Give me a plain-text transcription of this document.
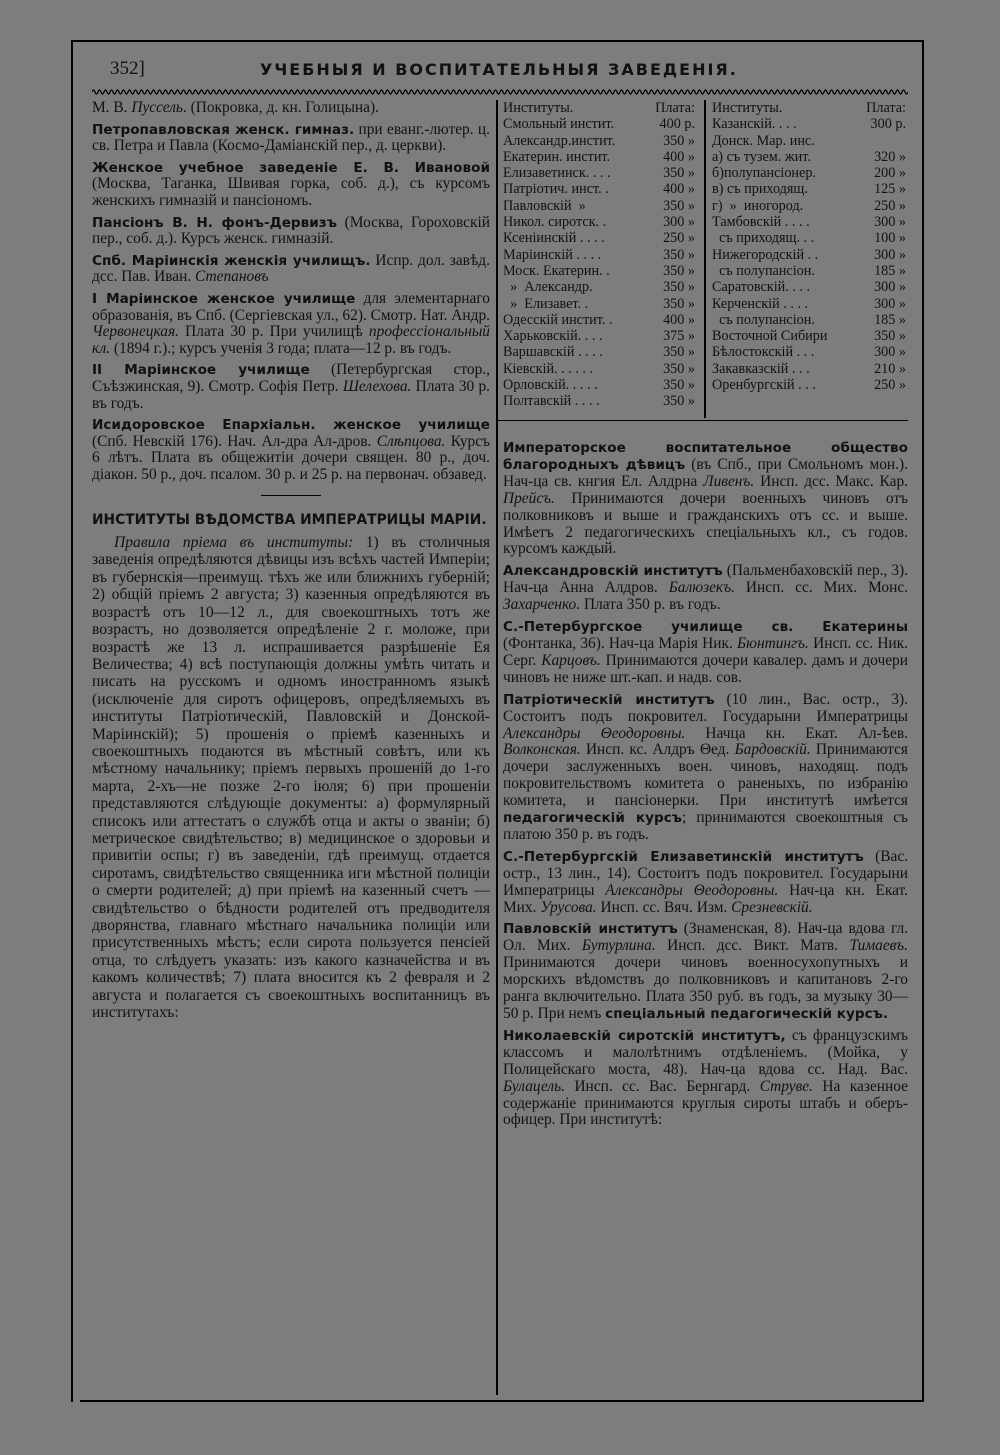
352]	УЧЕБНЫЯ И ВОСПИТАТЕЛЬНЫЯ ЗАВЕДЕНІЯ.

М. В. Пуссель. (Покровка, д. кн. Голицына).

Петропавловская женск. гимназ. при еванг.-лютер. ц. св. Петра и Павла (Космо-Даміанскій пер., д. церкви).

Женское учебное заведеніе Е. В. Ивановой (Москва, Таганка, Швивая горка, соб. д.), съ курсомъ женскихъ гимназій и пансіономъ.

Пансіонъ В. Н. фонъ-Дервизъ (Москва, Гороховскій пер., соб. д.). Курсъ женск. гимназій.

Спб. Маріинскія женскія училищъ. Испр. дол. завѣд. дсс. Пав. Иван. Степановъ

I Маріинское женское училище для элементарнаго образованія, въ Спб. (Сергіевская ул., 62). Смотр. Нат. Андр. Червонецкая. Плата 30 р. При училищѣ профессіональный кл. (1894 г.).; курсъ ученія 3 года; плата—12 р. въ годъ.

II Маріинское училище (Петербургская стор., Съѣзжинская, 9). Смотр. Софія Петр. Шелехова. Плата 30 р. въ годъ.

Исидоровское Епархіальн. женское училище (Спб. Невскій 176). Нач. Ал-дра Ал-дров. Слѣпцова. Курсъ 6 лѣтъ. Плата въ общежитіи дочери священ. 80 р., доч. діакон. 50 р., доч. псалом. 30 р. и 25 р. на первонач. обзавед.

ИНСТИТУТЫ ВѢДОМСТВА ИМПЕРАТРИЦЫ МАРІИ.

Правила пріема въ институты: 1) въ столичныя заведенія опредѣляются дѣвицы изъ всѣхъ частей Имперіи; въ губернскія—преимущ. тѣхъ же или ближнихъ губерній; 2) общій пріемъ 2 августа; 3) казенныя опредѣляются въ возрастѣ отъ 10—12 л., для своекоштныхъ тотъ же возрастъ, но дозволяется опредѣленіе 2 г. моложе, при возрастѣ же 13 л. испрашивается разрѣшеніе Ея Величества; 4) всѣ поступающія должны умѣть читать и писать на русскомъ и одномъ иностранномъ языкѣ (исключеніе для сиротъ офицеровъ, опредѣляемыхъ въ институты Патріотическій, Павловскій и Донской-Маріинскій); 5) прошенія о пріемѣ казенныхъ и своекоштныхъ подаются въ мѣстный совѣтъ, или къ мѣстному начальнику; пріемъ первыхъ прошеній до 1-го марта, 2-хъ—не позже 2-го іюля; 6) при прошеніи представляются слѣдующіе документы: а) формулярный списокъ или аттестатъ о службѣ отца и акты о званіи; б) метрическое свидѣтельство; в) медицинское о здоровьи и привитіи оспы; г) въ заведеніи, гдѣ преимущ. отдается сиротамъ, свидѣтельство священника иги мѣстной полиціи о смерти родителей; д) при пріемѣ на казенный счетъ — свидѣтельство о бѣдности родителей отъ предводителя дворянства, главнаго мѣстнаго начальника полиціи или присутственныхъ мѣстъ; если сирота пользуется пенсіей отца, то слѣдуетъ указать: изъ какого казначейства и въ какомъ количествѣ; 7) плата вносится къ 2 февраля и 2 августа и полагается съ своекоштныхъ воспитанницъ въ институтахъ:

Институты.	Плата:
Смольный инстит.	400 р.
Александр.инстит.	350 »
Екатерин. инстит.	400 »
Елизаветинск. . . .	350 »
Патріотич. инст. .	400 »
Павловскій  »	350 »
Никол. сиротск. .	300 »
Ксеніинскій . . . .	250 »
Маріинскій . . . .	350 »
Моск. Екатерин. .	350 »
»  Александр.	350 »
»  Елизавет. .	350 »
Одесскій инстит. .	400 »
Харьковскій. . . .	375 »
Варшавскій . . . .	350 »
Кіевскій. . . . . .	350 »
Орловскій. . . . .	350 »
Полтавскій . . . .	350 »
Институты.	Плата:
Казанскій. . . .	300 р.
Донск. Мар. инс.	
а) съ тузем. жит.	320 »
б)полупансіонер.	200 »
в) съ приходящ.	125 »
г)  »  иногород.	250 »
Тамбовскій . . . .	300 »
съ приходящ. . .	100 »
Нижегородскій . .	300 »
съ полупансіон.	185 »
Саратовскій. . . .	300 »
Керченскій . . . .	300 »
съ полупансіон.	185 »
Восточной Сибири	350 »
Бѣлостокскій . . .	300 »
Закавказскій . . .	210 »
Оренбургскій . . .	250 »

Императорское воспитательное общество благородныхъ дѣвицъ (въ Спб., при Смольномъ мон.). Нач-ца св. кнгия Ел. Алдрна Ливенъ. Инсп. дсс. Макс. Кар. Прейсъ. Принимаются дочери военныхъ чиновъ отъ полковниковъ и выше и гражданскихъ отъ сс. и выше. Имѣетъ 2 педагогическихъ спеціальныхъ кл., съ годов. курсомъ каждый.

Александровскій институтъ (Пальменбаховскій пер., 3). Нач-ца Анна Алдров. Балюзекъ. Инсп. сс. Мих. Монс. Захарченко. Плата 350 р. въ годъ.

С.-Петербургское училище св. Екатерины (Фонтанка, 36). Нач-ца Марія Ник. Бюнтингъ. Инсп. сс. Ник. Серг. Карцовъ. Принимаются дочери кавалер. дамъ и дочери чиновъ не ниже шт.-кап. и надв. сов.

Патріотическій институтъ (10 лин., Вас. остр., 3). Состоитъ подъ покровител. Государыни Императрицы Александры Θеодоровны. Начца кн. Екат. Ал-ѣев. Волконская. Инсп. кс. Алдръ Θед. Бардовскій. Принимаются дочери заслуженныхъ воен. чиновъ, находящ. подъ покровительствомъ комитета о раненыхъ, по избранію комитета, и пансіонерки. При институтѣ имѣется педагогическій курсъ; принимаются своекоштныя съ платою 350 р. въ годъ.

С.-Петербургскій Елизаветинскій институтъ (Вас. остр., 13 лин., 14). Состоитъ подъ покровител. Государыни Императрицы Александры Θеодоровны. Нач-ца кн. Екат. Мих. Урусова. Инсп. сс. Вяч. Изм. Срезневскій.

Павловскій институтъ (Знаменская, 8). Нач-ца вдова гл. Ол. Мих. Бутурлина. Инсп. дсс. Викт. Матв. Тимаевъ. Принимаются дочери чиновъ военносухопутныхъ и морскихъ вѣдомствъ до полковниковъ и капитановъ 2-го ранга включительно. Плата 350 руб. въ годъ, за музыку 30—50 р. При немъ спеціальный педагогическій курсъ.

Николаевскій сиротскій институтъ, съ французскимъ классомъ и малолѣтнимъ отдѣленіемъ. (Мойка, у Полицейскаго моста, 48). Нач-ца вдова сс. Над. Вас. Булацель. Инсп. сс. Вас. Бернгард. Струве. На казенное содержаніе принимаются круглыя сироты штабъ и оберъ-офицер. При институтѣ:
